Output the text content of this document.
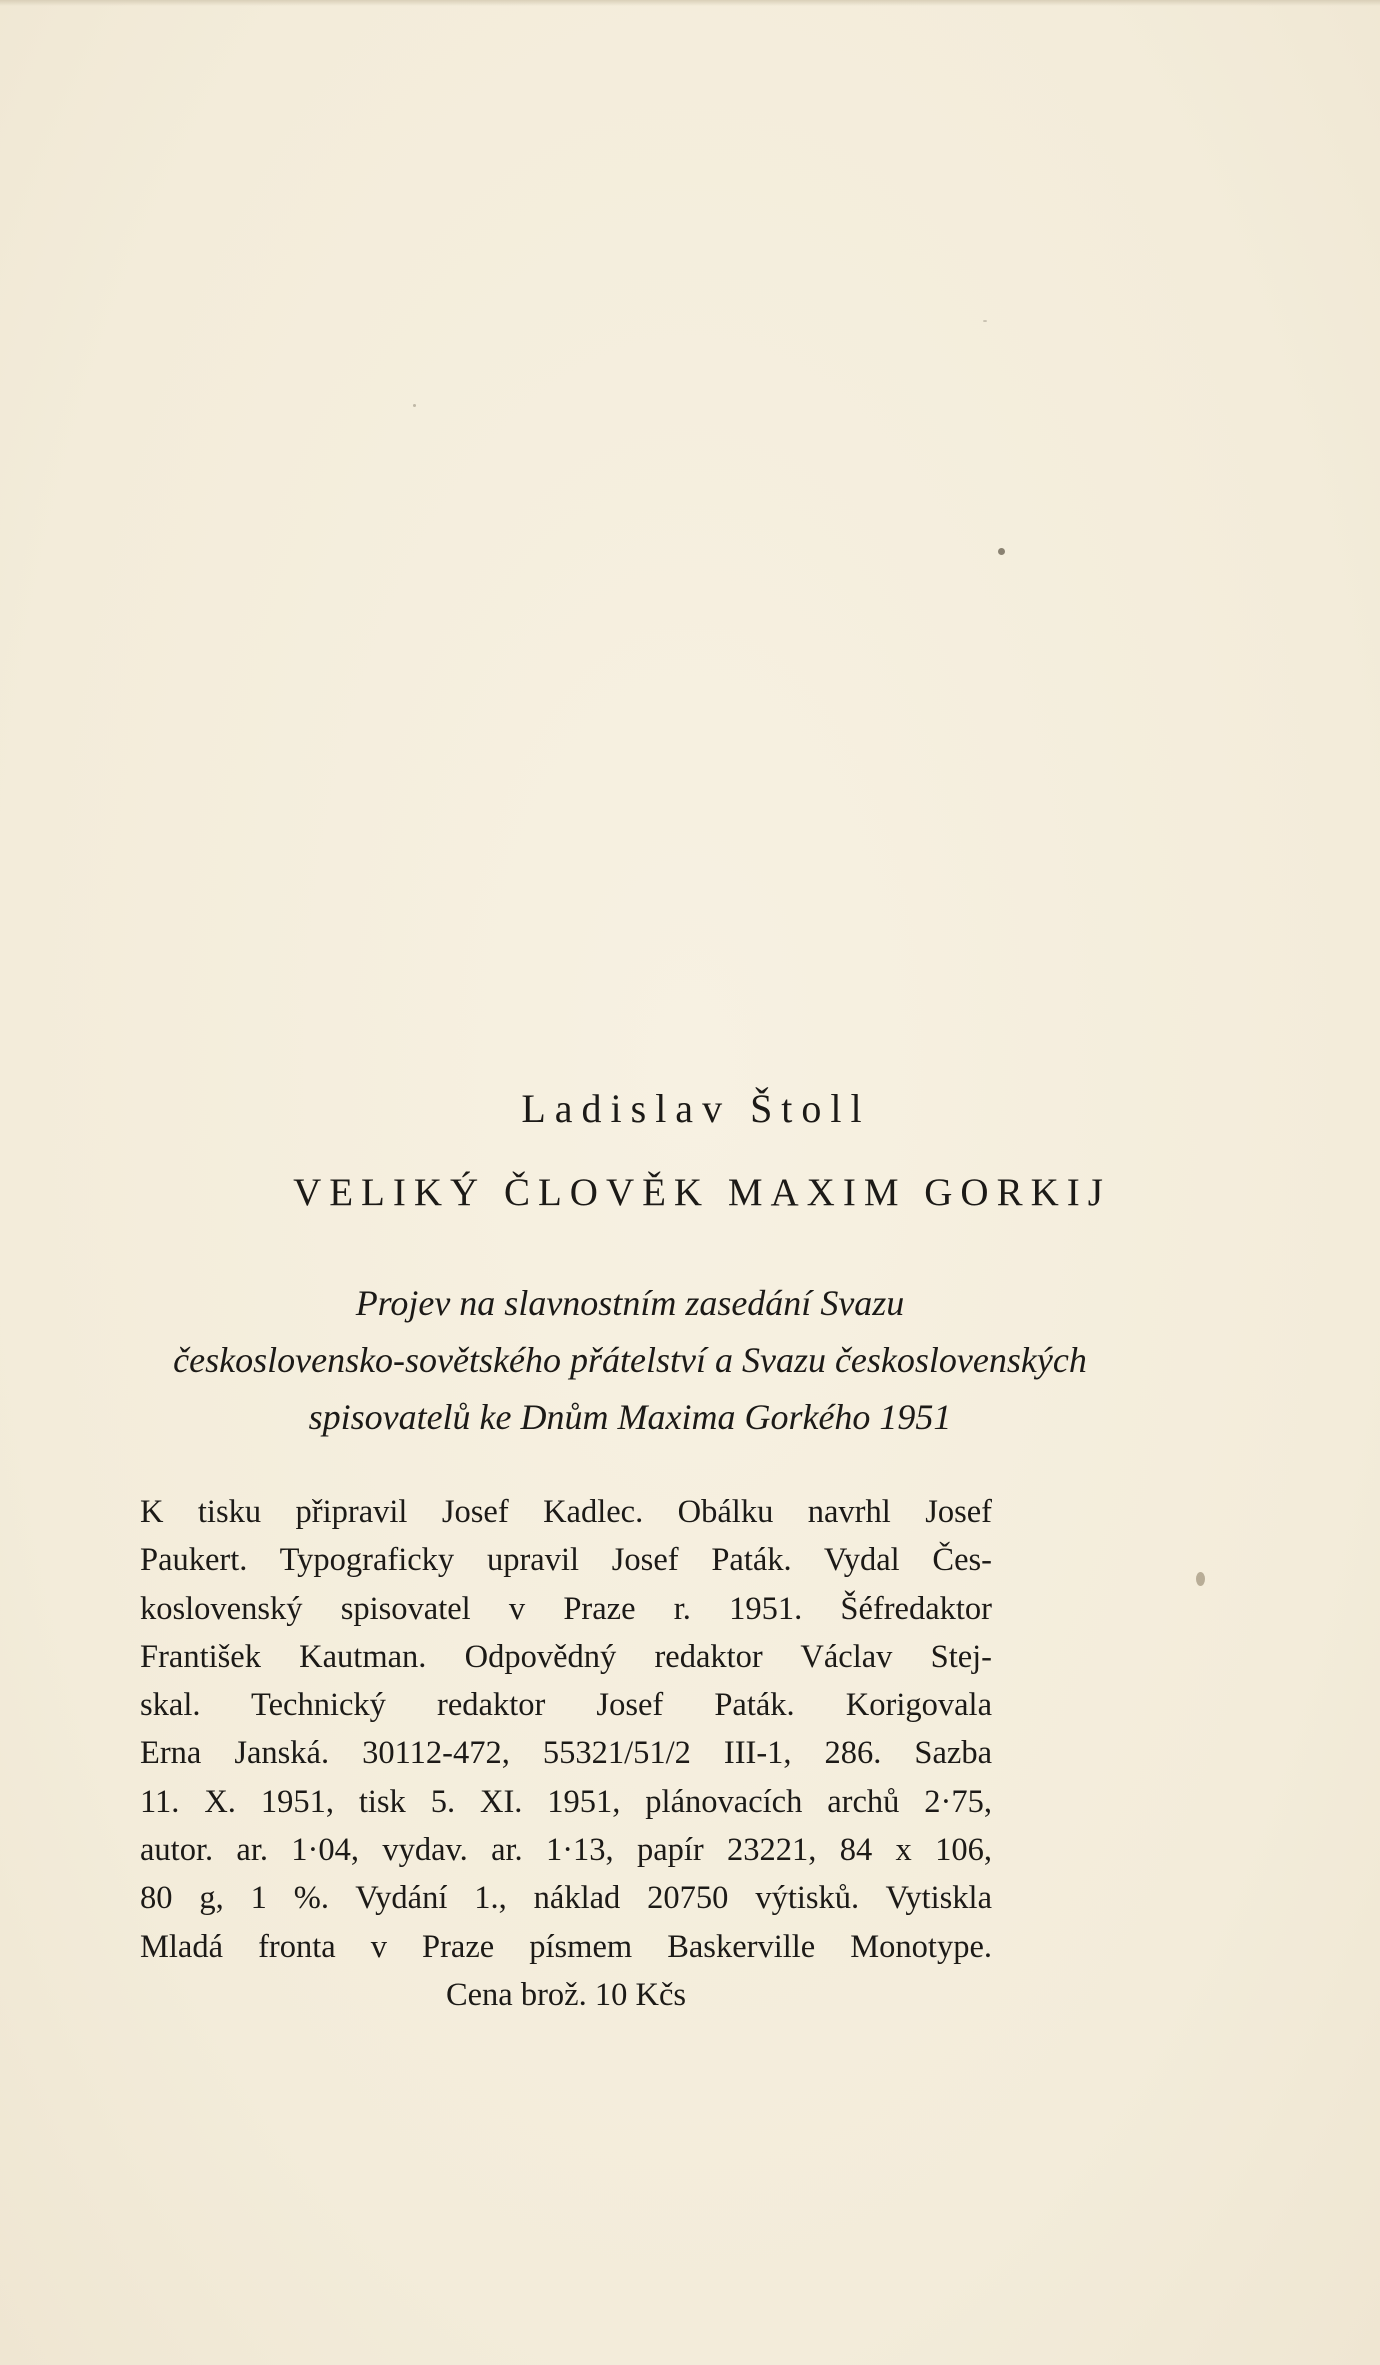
Ladislav Štoll
VELIKÝ ČLOVĚK MAXIM GORKIJ
Projev na slavnostním zasedání Svazu
československo-sovětského přátelství a Svazu československých
spisovatelů ke Dnům Maxima Gorkého 1951
K tisku připravil Josef Kadlec. Obálku navrhl Josef
Paukert. Typograficky upravil Josef Paták. Vydal Čes-
koslovenský spisovatel v Praze r. 1951. Šéfredaktor
František Kautman. Odpovědný redaktor Václav Stej-
skal. Technický redaktor Josef Paták. Korigovala
Erna Janská. 30112-472, 55321/51/2 III-1, 286. Sazba
11. X. 1951, tisk 5. XI. 1951, plánovacích archů 2·75,
autor. ar. 1·04, vydav. ar. 1·13, papír 23221, 84 x 106,
80 g, 1 %. Vydání 1., náklad 20750 výtisků. Vytiskla
Mladá fronta v Praze písmem Baskerville Monotype.
Cena brož. 10 Kčs
